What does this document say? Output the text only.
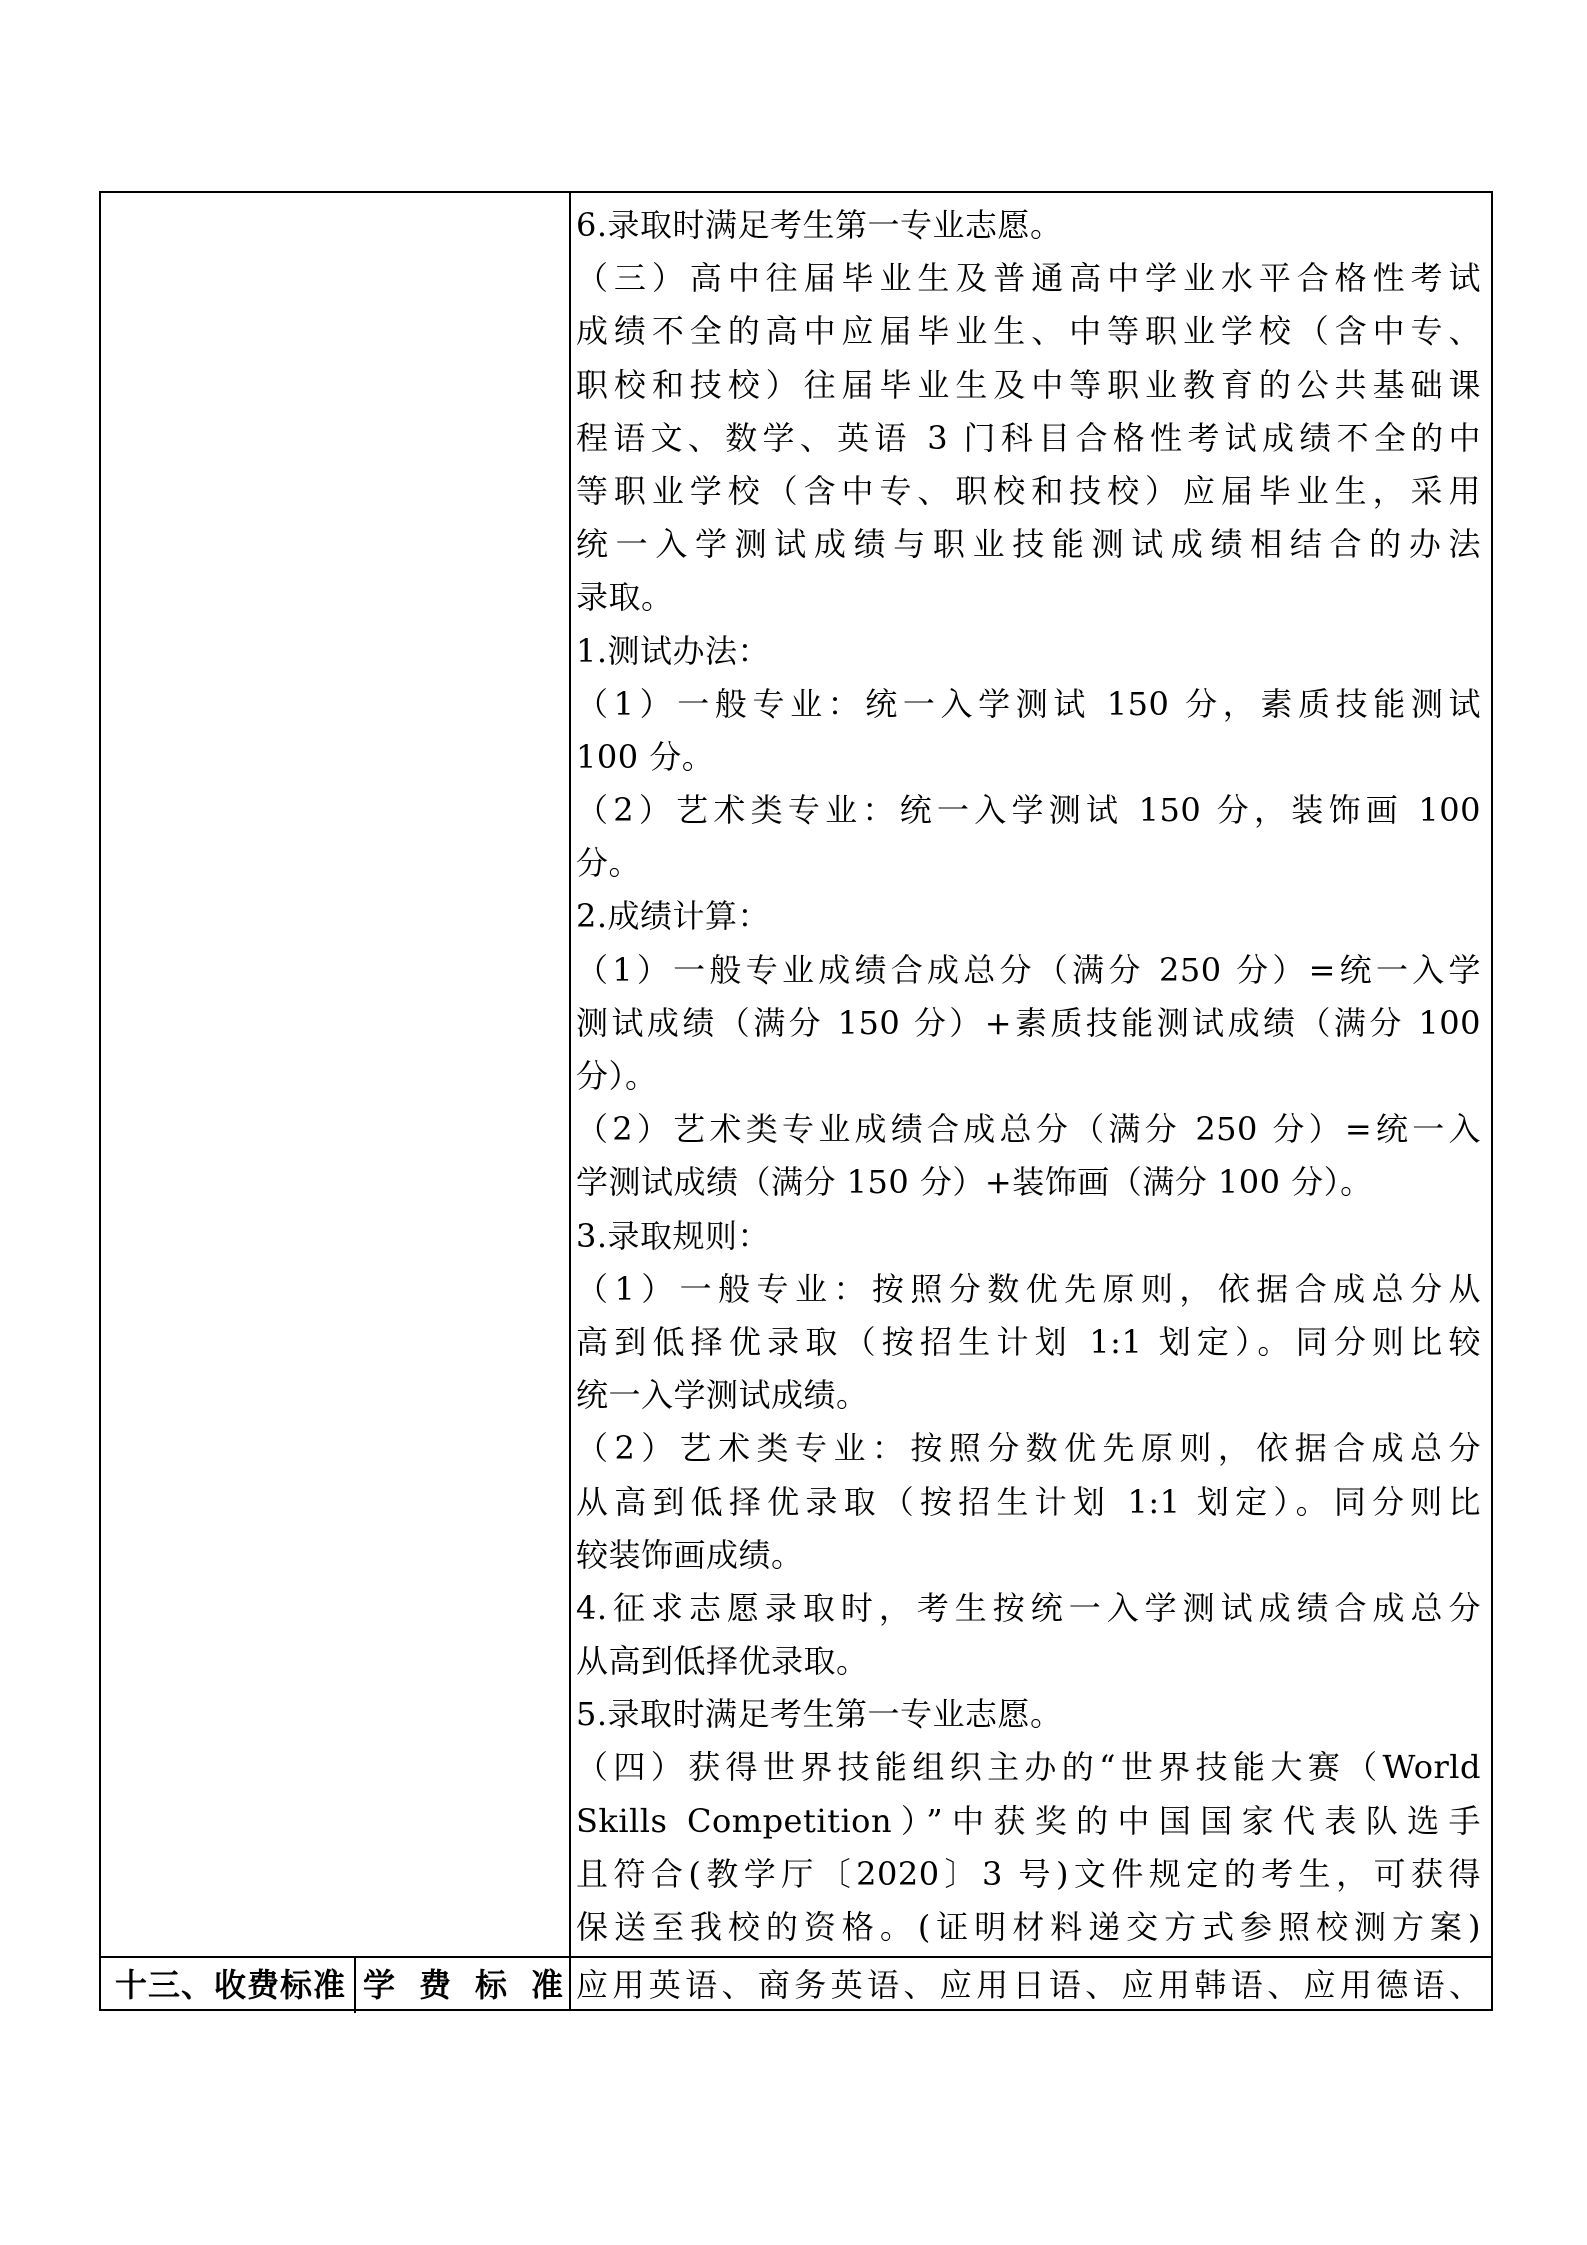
6.录取时满足考生第一专业志愿。
（三）高中往届毕业生及普通高中学业水平合格性考试
成绩不全的高中应届毕业生、中等职业学校（含中专、
职校和技校）往届毕业生及中等职业教育的公共基础课
程语文、数学、英语 3 门科目合格性考试成绩不全的中
等职业学校（含中专、职校和技校）应届毕业生，采用
统一入学测试成绩与职业技能测试成绩相结合的办法
录取。
1.测试办法：
（1）一般专业：统一入学测试 150 分，素质技能测试
100 分。
（2）艺术类专业：统一入学测试 150 分，装饰画 100
分。
2.成绩计算：
（1）一般专业成绩合成总分（满分 250 分）=统一入学
测试成绩（满分 150 分）+素质技能测试成绩（满分 100
分）。
（2）艺术类专业成绩合成总分（满分 250 分）=统一入
学测试成绩（满分 150 分）+装饰画（满分 100 分）。
3.录取规则：
（1）一般专业：按照分数优先原则，依据合成总分从
高到低择优录取（按招生计划 1:1 划定）。同分则比较
统一入学测试成绩。
（2）艺术类专业：按照分数优先原则，依据合成总分
从高到低择优录取（按招生计划 1:1 划定）。同分则比
较装饰画成绩。
4.征求志愿录取时，考生按统一入学测试成绩合成总分
从高到低择优录取。
5.录取时满足考生第一专业志愿。
（四）获得世界技能组织主办的“世界技能大赛（World
Skills Competition）”中获奖的中国国家代表队选手
且符合(教学厅〔2020〕3 号)文件规定的考生，可获得
保送至我校的资格。(证明材料递交方式参照校测方案)
十三、收费标准 学费标准 应用英语、商务英语、应用日语、应用韩语、应用德语、
